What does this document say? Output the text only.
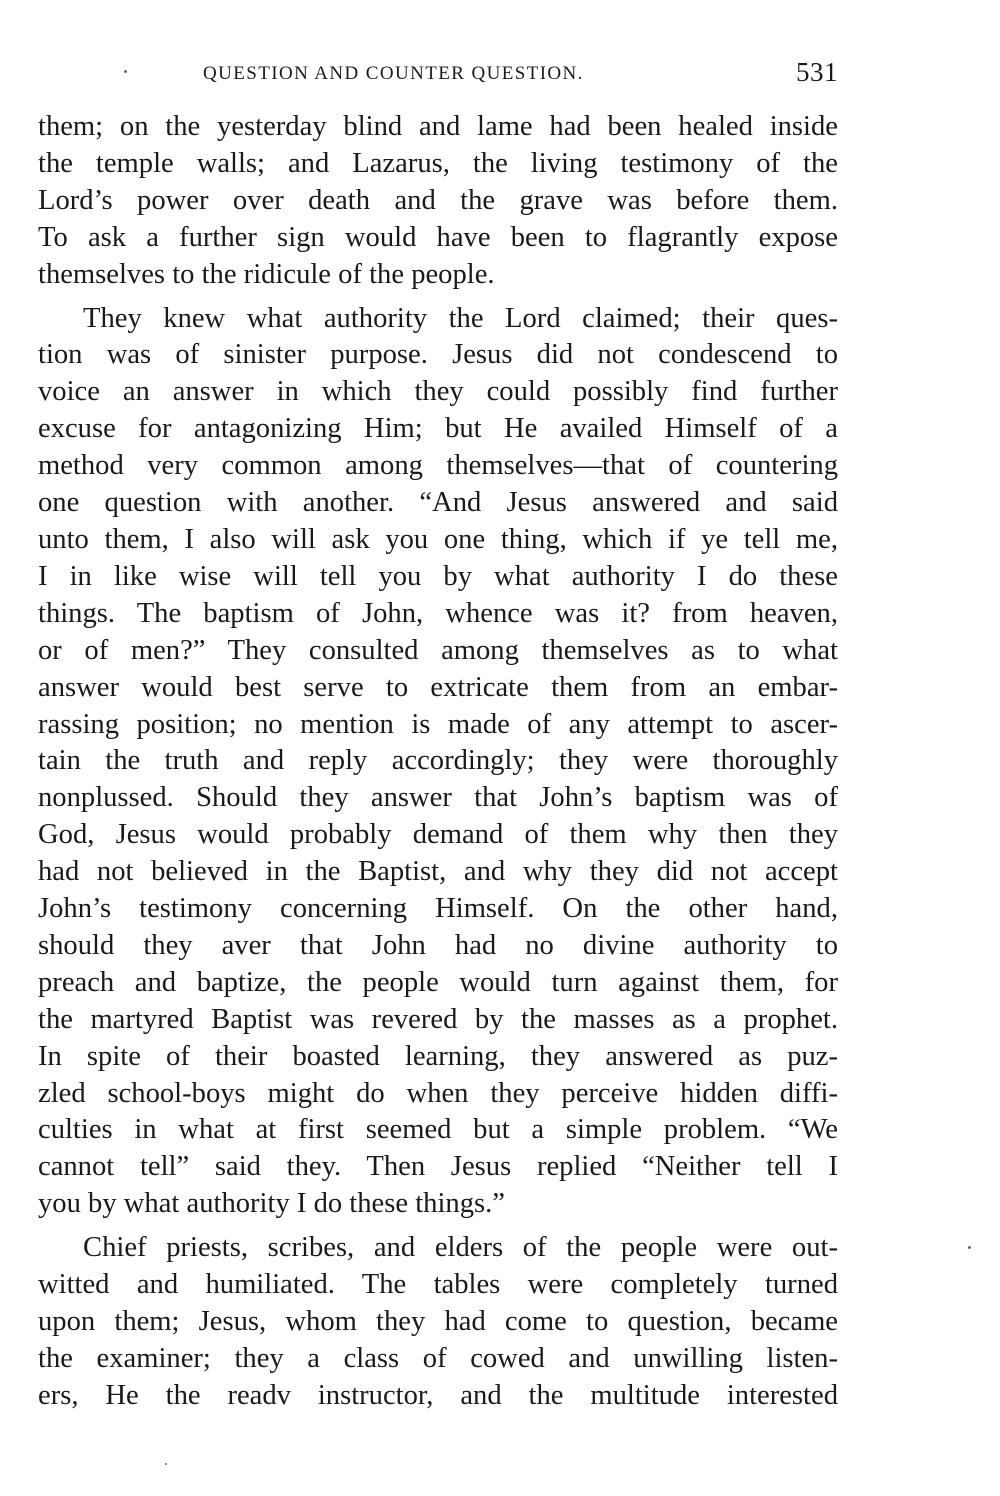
QUESTION AND COUNTER QUESTION.	531

them; on the yesterday blind and lame had been healed inside
the temple walls; and Lazarus, the living testimony of the
Lord’s power over death and the grave was before them.
To ask a further sign would have been to flagrantly expose
themselves to the ridicule of the people.

They knew what authority the Lord claimed; their ques-
tion was of sinister purpose. Jesus did not condescend to
voice an answer in which they could possibly find further
excuse for antagonizing Him; but He availed Himself of a
method very common among themselves—that of countering
one question with another. “And Jesus answered and said
unto them, I also will ask you one thing, which if ye tell me,
I in like wise will tell you by what authority I do these
things. The baptism of John, whence was it? from heaven,
or of men?” They consulted among themselves as to what
answer would best serve to extricate them from an embar-
rassing position; no mention is made of any attempt to ascer-
tain the truth and reply accordingly; they were thoroughly
nonplussed. Should they answer that John’s baptism was of
God, Jesus would probably demand of them why then they
had not believed in the Baptist, and why they did not accept
John’s testimony concerning Himself. On the other hand,
should they aver that John had no divine authority to
preach and baptize, the people would turn against them, for
the martyred Baptist was revered by the masses as a prophet.
In spite of their boasted learning, they answered as puz-
zled school-boys might do when they perceive hidden diffi-
culties in what at first seemed but a simple problem. “We
cannot tell” said they. Then Jesus replied “Neither tell I
you by what authority I do these things.”

Chief priests, scribes, and elders of the people were out-
witted and humiliated. The tables were completely turned
upon them; Jesus, whom they had come to question, became
the examiner; they a class of cowed and unwilling listen-
ers, He the readv instructor, and the multitude interested
